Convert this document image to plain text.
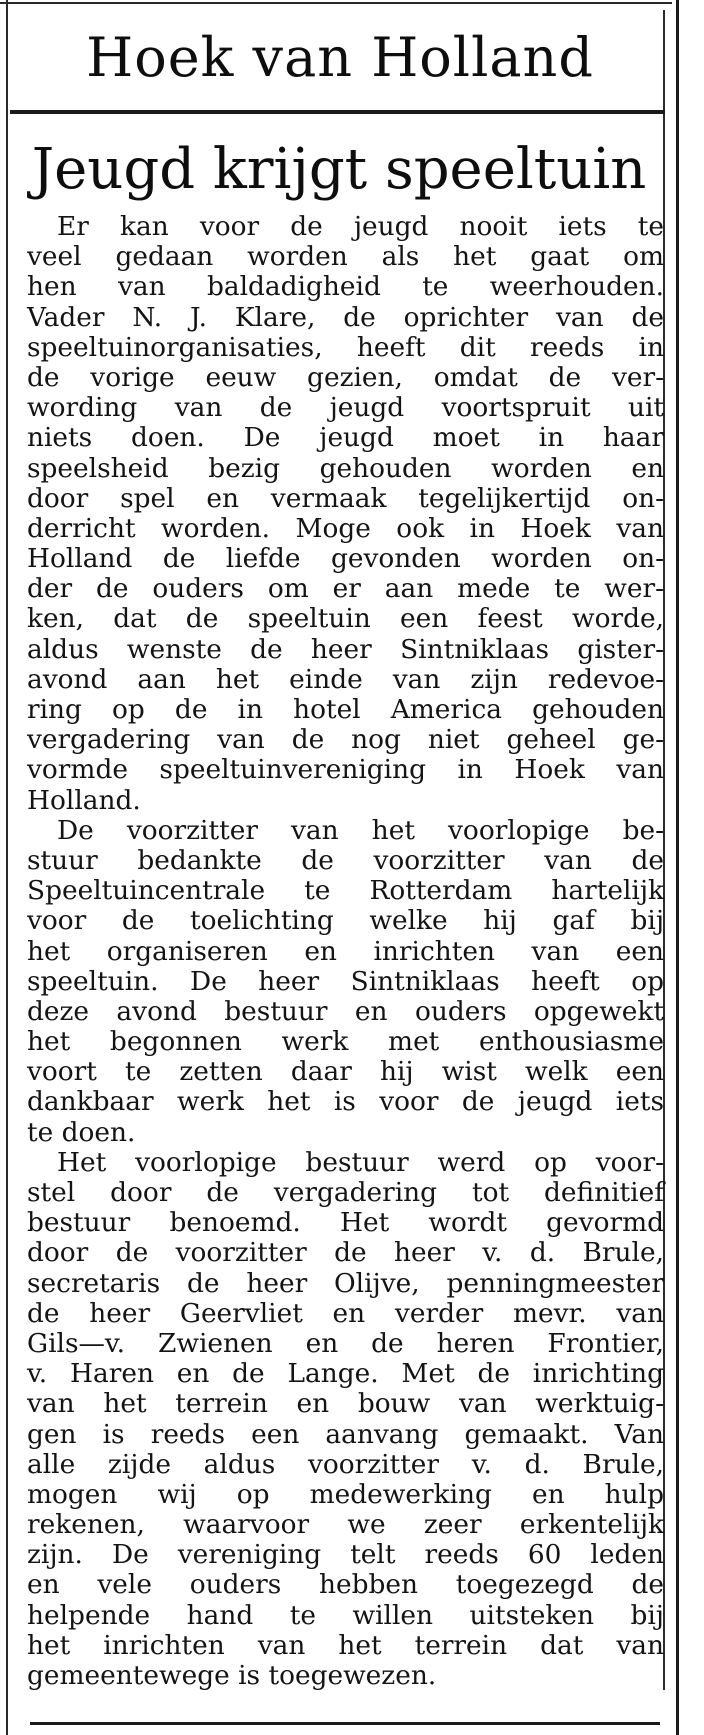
Hoek van Holland
Jeugd krijgt speeltuin
Er kan voor de jeugd nooit iets te
veel gedaan worden als het gaat om
hen van baldadigheid te weerhouden.
Vader N. J. Klare, de oprichter van de
speeltuinorganisaties, heeft dit reeds in
de vorige eeuw gezien, omdat de ver-
wording van de jeugd voortspruit uit
niets doen. De jeugd moet in haar
speelsheid bezig gehouden worden en
door spel en vermaak tegelijkertijd on-
derricht worden. Moge ook in Hoek van
Holland de liefde gevonden worden on-
der de ouders om er aan mede te wer-
ken, dat de speeltuin een feest worde,
aldus wenste de heer Sintniklaas gister-
avond aan het einde van zijn redevoe-
ring op de in hotel America gehouden
vergadering van de nog niet geheel ge-
vormde speeltuinvereniging in Hoek van
Holland.
De voorzitter van het voorlopige be-
stuur bedankte de voorzitter van de
Speeltuincentrale te Rotterdam hartelijk
voor de toelichting welke hij gaf bij
het organiseren en inrichten van een
speeltuin. De heer Sintniklaas heeft op
deze avond bestuur en ouders opgewekt
het begonnen werk met enthousiasme
voort te zetten daar hij wist welk een
dankbaar werk het is voor de jeugd iets
te doen.
Het voorlopige bestuur werd op voor-
stel door de vergadering tot definitief
bestuur benoemd. Het wordt gevormd
door de voorzitter de heer v. d. Brule,
secretaris de heer Olijve, penningmeester
de heer Geervliet en verder mevr. van
Gils—v. Zwienen en de heren Frontier,
v. Haren en de Lange. Met de inrichting
van het terrein en bouw van werktuig-
gen is reeds een aanvang gemaakt. Van
alle zijde aldus voorzitter v. d. Brule,
mogen wij op medewerking en hulp
rekenen, waarvoor we zeer erkentelijk
zijn. De vereniging telt reeds 60 leden
en vele ouders hebben toegezegd de
helpende hand te willen uitsteken bij
het inrichten van het terrein dat van
gemeentewege is toegewezen.
